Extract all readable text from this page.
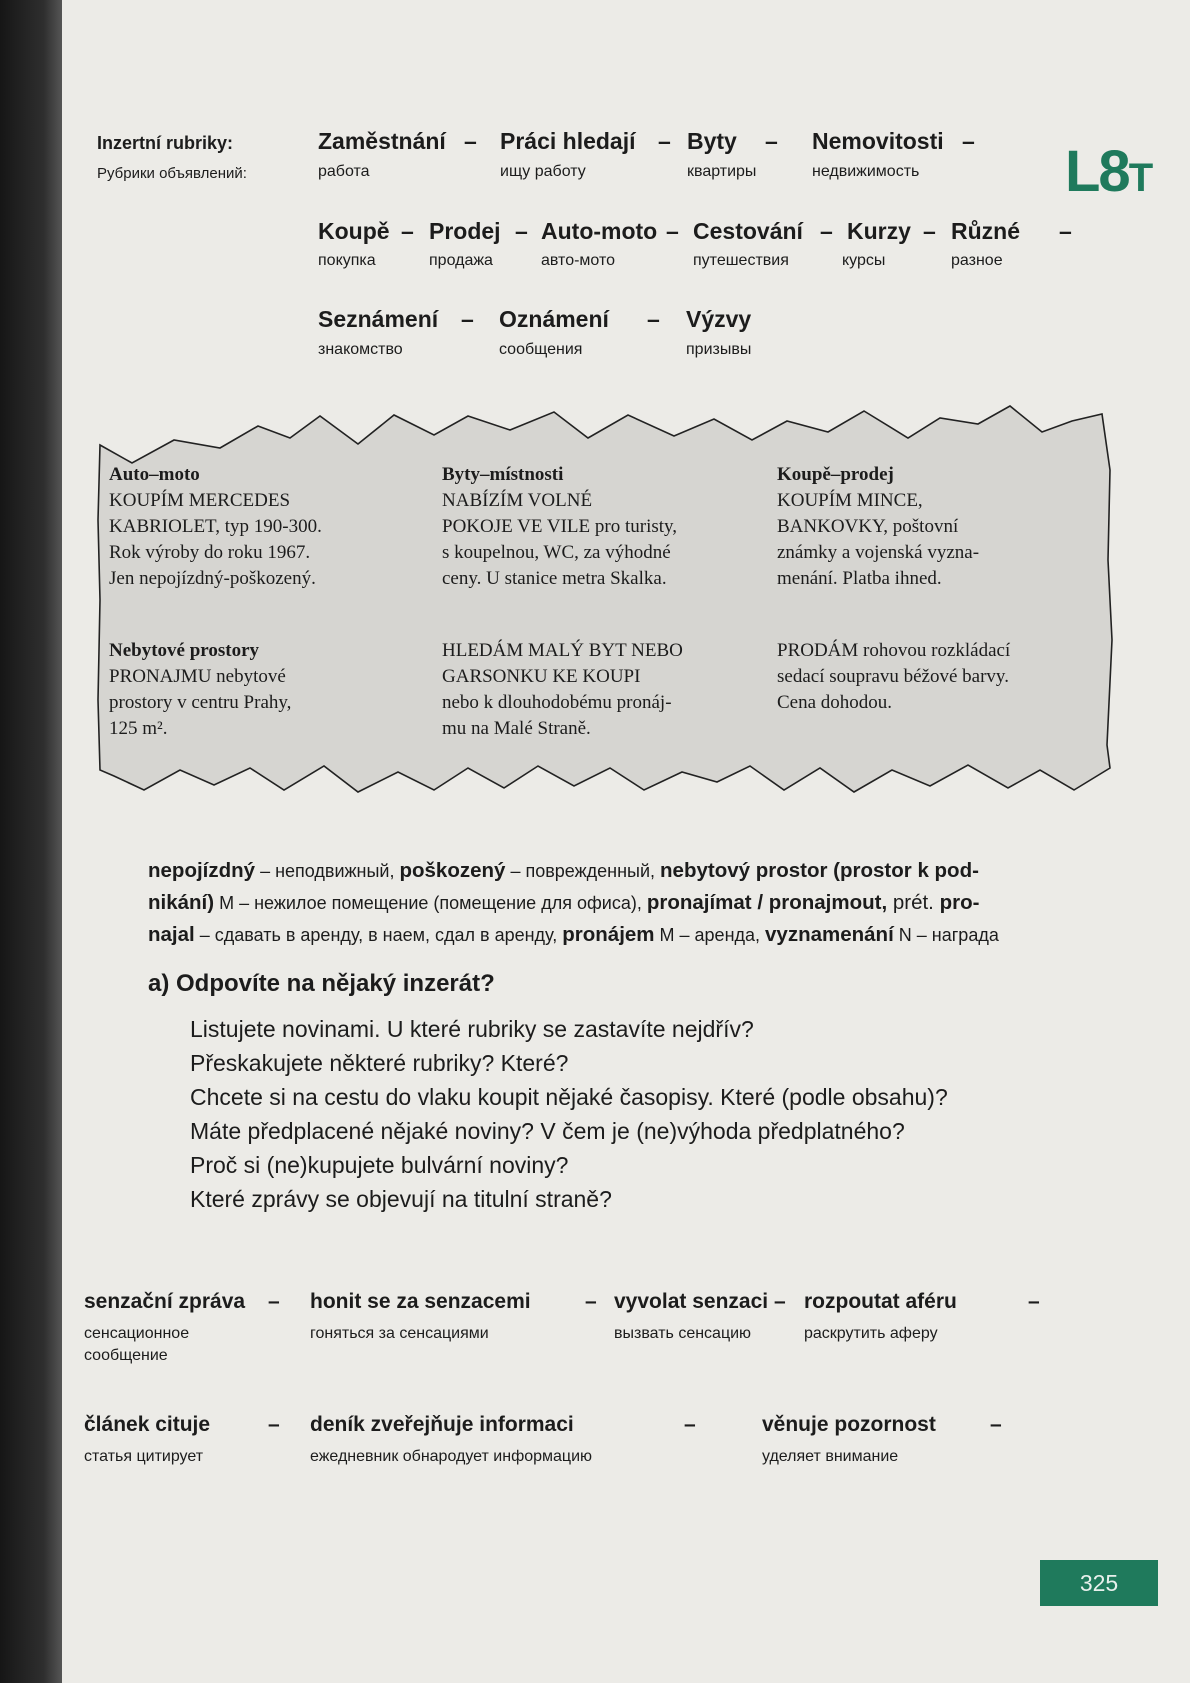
L8T
Inzertní rubriky:
Рубрики объявлений:
Zaměstnání
работа
– Práci hledají
ищу работу
– Byty
квартиры
– Nemovitosti
недвижимость
–
Koupě
покупка
– Prodej
продажа
– Auto-moto
авто-мото
– Cestování
путешествия
– Kurzy
курсы
– Různé
разное
–
Seznámení
знакомство
– Oznámení
сообщения
– Výzvy
призывы
Auto–moto
KOUPÍM MERCEDES
KABRIOLET, typ 190-300.
Rok výroby do roku 1967.
Jen nepojízdný-poškozený.
Byty–místnosti
NABÍZÍM VOLNÉ
POKOJE VE VILE pro turisty,
s koupelnou, WC, za výhodné
ceny. U stanice metra Skalka.
Koupě–prodej
KOUPÍM MINCE,
BANKOVKY, poštovní
známky a vojenská vyzna-
menání. Platba ihned.
Nebytové prostory
PRONAJMU nebytové
prostory v centru Prahy,
125 m².
HLEDÁM MALÝ BYT NEBO
GARSONKU KE KOUPI
nebo k dlouhodobému pronáj-
mu na Malé Straně.
PRODÁM rohovou rozkládací
sedací soupravu béžové barvy.
Cena dohodou.
nepojízdný – неподвижный, poškozený – поврежденный, nebytový prostor (prostor k pod-
nikání) M – нежилое помещение (помещение для офиса), pronajímat / pronajmout, prét. pro-
najal – сдавать в аренду, в наем, сдал в аренду, pronájem M – аренда, vyznamenání N – награда
a) Odpovíte na nějaký inzerát?
Listujete novinami. U které rubriky se zastavíte nejdřív?
Přeskakujete některé rubriky? Které?
Chcete si na cestu do vlaku koupit nějaké časopisy. Které (podle obsahu)?
Máte předplacené nějaké noviny? V čem je (ne)výhoda předplatného?
Proč si (ne)kupujete bulvární noviny?
Které zprávy se objevují na titulní straně?
senzační zpráva
сенсационное
сообщение
– honit se za senzacemi
гоняться за сенсациями
– vyvolat senzaci
вызвать сенсацию
– rozpoutat aféru
раскрутить аферу
–
článek cituje
статья цитирует
– deník zveřejňuje informaci
ежедневник обнародует информацию
–	věnuje pozornost
уделяет внимание
–
325
